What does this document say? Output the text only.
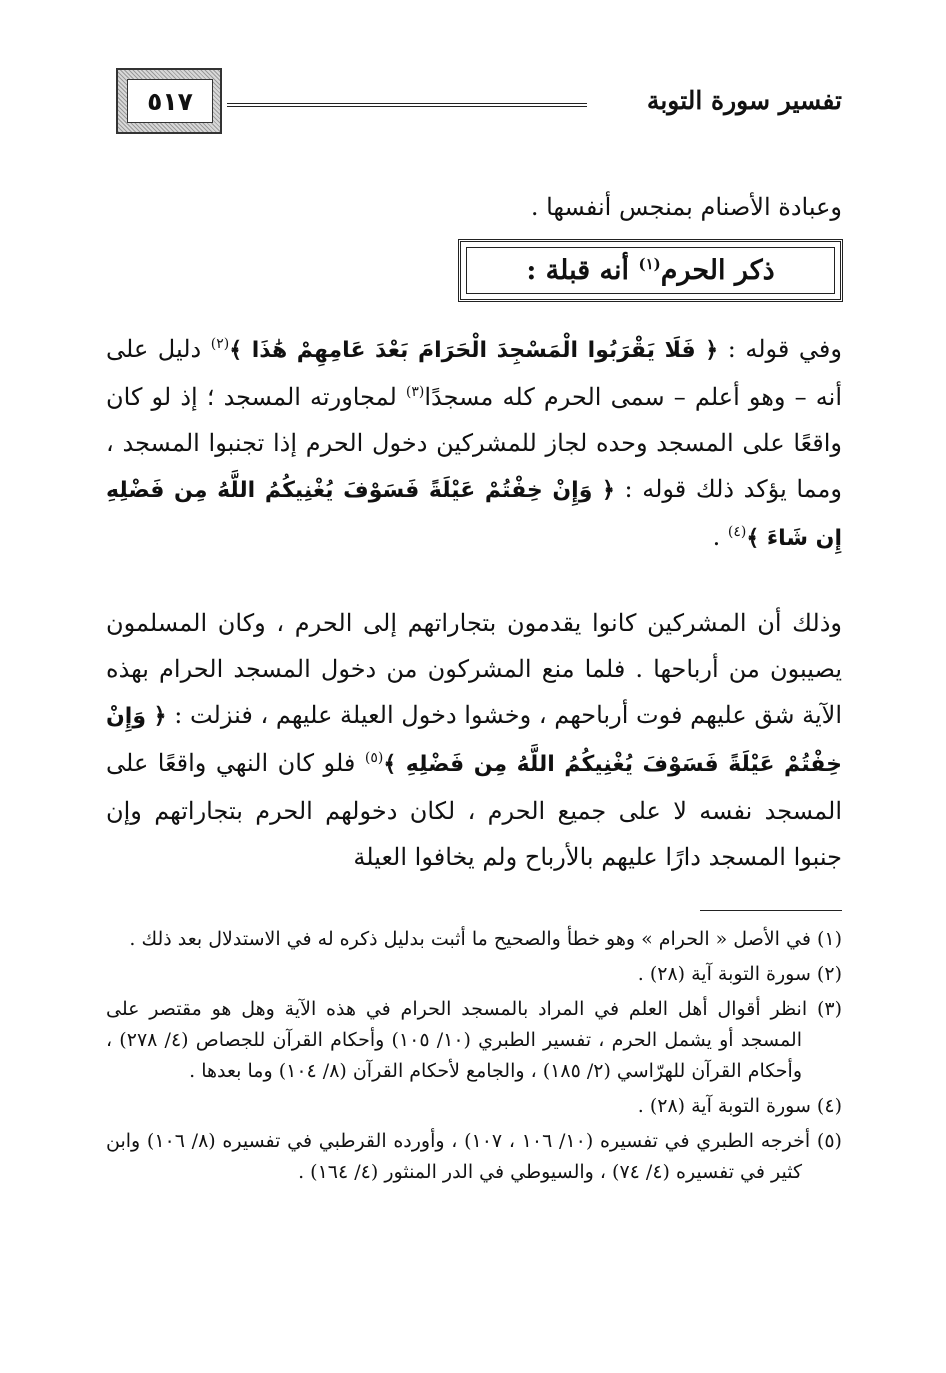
تفسير سورة التوبة
٥١٧
وعبادة الأصنام بمنجس أنفسها .
ذكر الحرم$^{(١)}$ أنه قبلة :
وفي قوله : ﴿ فَلَا يَقْرَبُوا الْمَسْجِدَ الْحَرَامَ بَعْدَ عَامِهِمْ هَٰذَا ﴾$^{(٢)}$ دليل على أنه – وهو أعلم – سمى الحرم كله مسجدًا$^{(٣)}$ لمجاورته المسجد ؛ إذ لو كان واقعًا على المسجد وحده لجاز للمشركين دخول الحرم إذا تجنبوا المسجد ، ومما يؤكد ذلك قوله : ﴿ وَإِنْ خِفْتُمْ عَيْلَةً فَسَوْفَ يُغْنِيكُمُ اللَّهُ مِن فَضْلِهِ إِن شَاءَ ﴾$^{(٤)}$ .
وذلك أن المشركين كانوا يقدمون بتجاراتهم إلى الحرم ، وكان المسلمون يصيبون من أرباحها . فلما منع المشركون من دخول المسجد الحرام بهذه الآية شق عليهم فوت أرباحهم ، وخشوا دخول العيلة عليهم ، فنزلت : ﴿ وَإِنْ خِفْتُمْ عَيْلَةً فَسَوْفَ يُغْنِيكُمُ اللَّهُ مِن فَضْلِهِ ﴾$^{(٥)}$ فلو كان النهي واقعًا على المسجد نفسه لا على جميع الحرم ، لكان دخولهم الحرم بتجاراتهم وإن جنبوا المسجد دارًا عليهم بالأرباح ولم يخافوا العيلة

(١) في الأصل « الحرام » وهو خطأ والصحيح ما أثبت بدليل ذكره له في الاستدلال بعد ذلك .

(٢) سورة التوبة آية (٢٨) .

(٣) انظر أقوال أهل العلم في المراد بالمسجد الحرام في هذه الآية وهل هو مقتصر على المسجد أو يشمل الحرم ، تفسير الطبري (١٠/ ١٠٥) وأحكام القرآن للجصاص (٤/ ٢٧٨) ، وأحكام القرآن للهرّاسي (٢/ ١٨٥) ، والجامع لأحكام القرآن (٨/ ١٠٤) وما بعدها .

(٤) سورة التوبة آية (٢٨) .

(٥) أخرجه الطبري في تفسيره (١٠/ ١٠٦ ، ١٠٧) ، وأورده القرطبي في تفسيره (٨/ ١٠٦) وابن كثير في تفسيره (٤/ ٧٤) ، والسيوطي في الدر المنثور (٤/ ١٦٤) .
